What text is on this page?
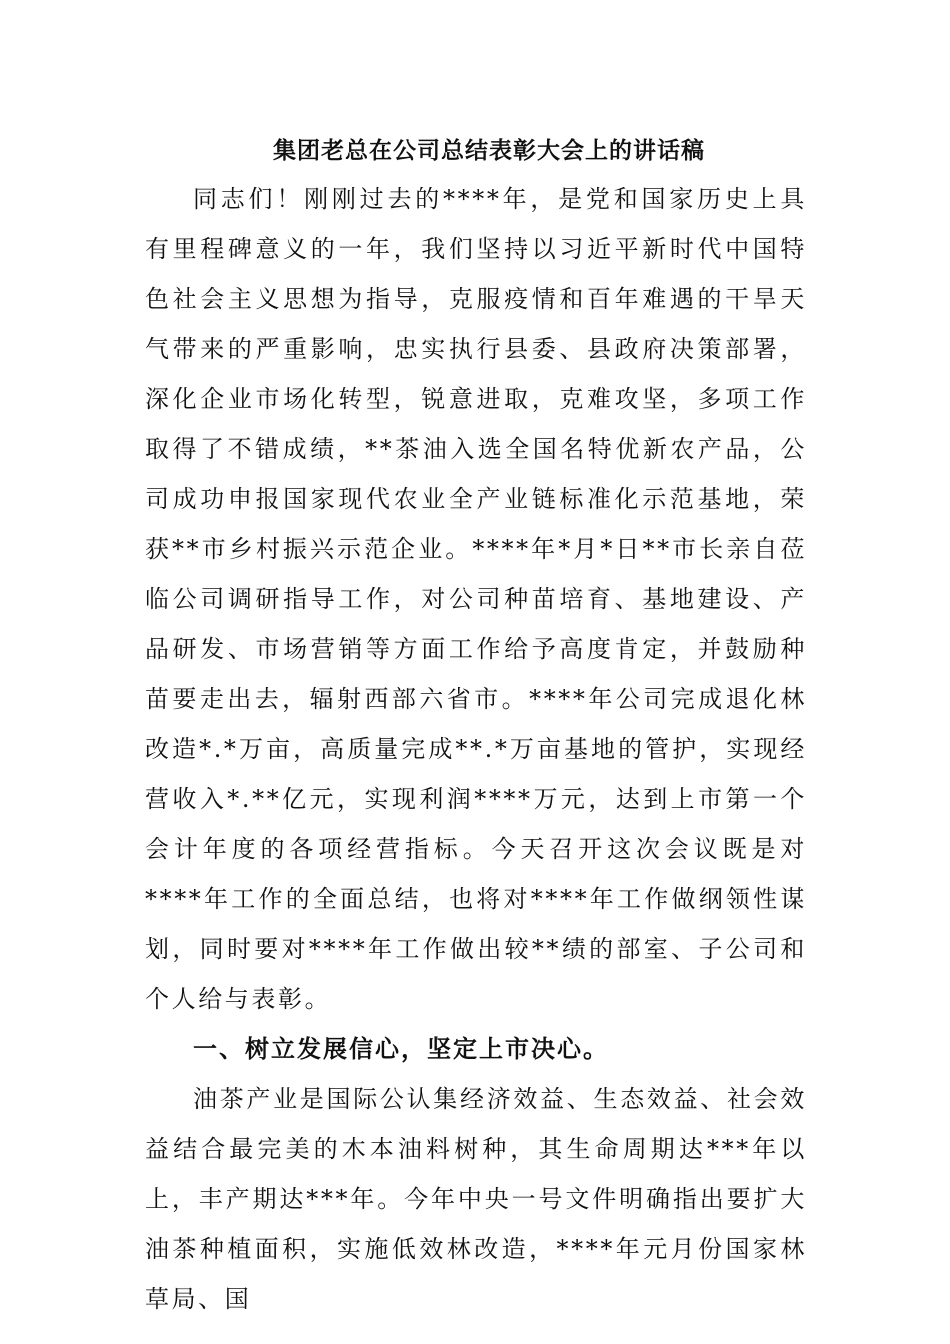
集团老总在公司总结表彰大会上的讲话稿

同志们！刚刚过去的****年，是党和国家历史上具有里程碑意义的一年，我们坚持以习近平新时代中国特色社会主义思想为指导，克服疫情和百年难遇的干旱天气带来的严重影响，忠实执行县委、县政府决策部署，深化企业市场化转型，锐意进取，克难攻坚，多项工作取得了不错成绩，**茶油入选全国名特优新农产品，公司成功申报国家现代农业全产业链标准化示范基地，荣获**市乡村振兴示范企业。****年*月*日**市长亲自莅临公司调研指导工作，对公司种苗培育、基地建设、产品研发、市场营销等方面工作给予高度肯定，并鼓励种苗要走出去，辐射西部六省市。****年公司完成退化林改造*.*万亩，高质量完成**.*万亩基地的管护，实现经营收入*.**亿元，实现利润****万元，达到上市第一个会计年度的各项经营指标。今天召开这次会议既是对****年工作的全面总结，也将对****年工作做纲领性谋划，同时要对****年工作做出较**绩的部室、子公司和个人给与表彰。

一、树立发展信心，坚定上市决心。

油茶产业是国际公认集经济效益、生态效益、社会效益结合最完美的木本油料树种，其生命周期达***年以上，丰产期达***年。今年中央一号文件明确指出要扩大油茶种植面积，实施低效林改造，****年元月份国家林草局、国
